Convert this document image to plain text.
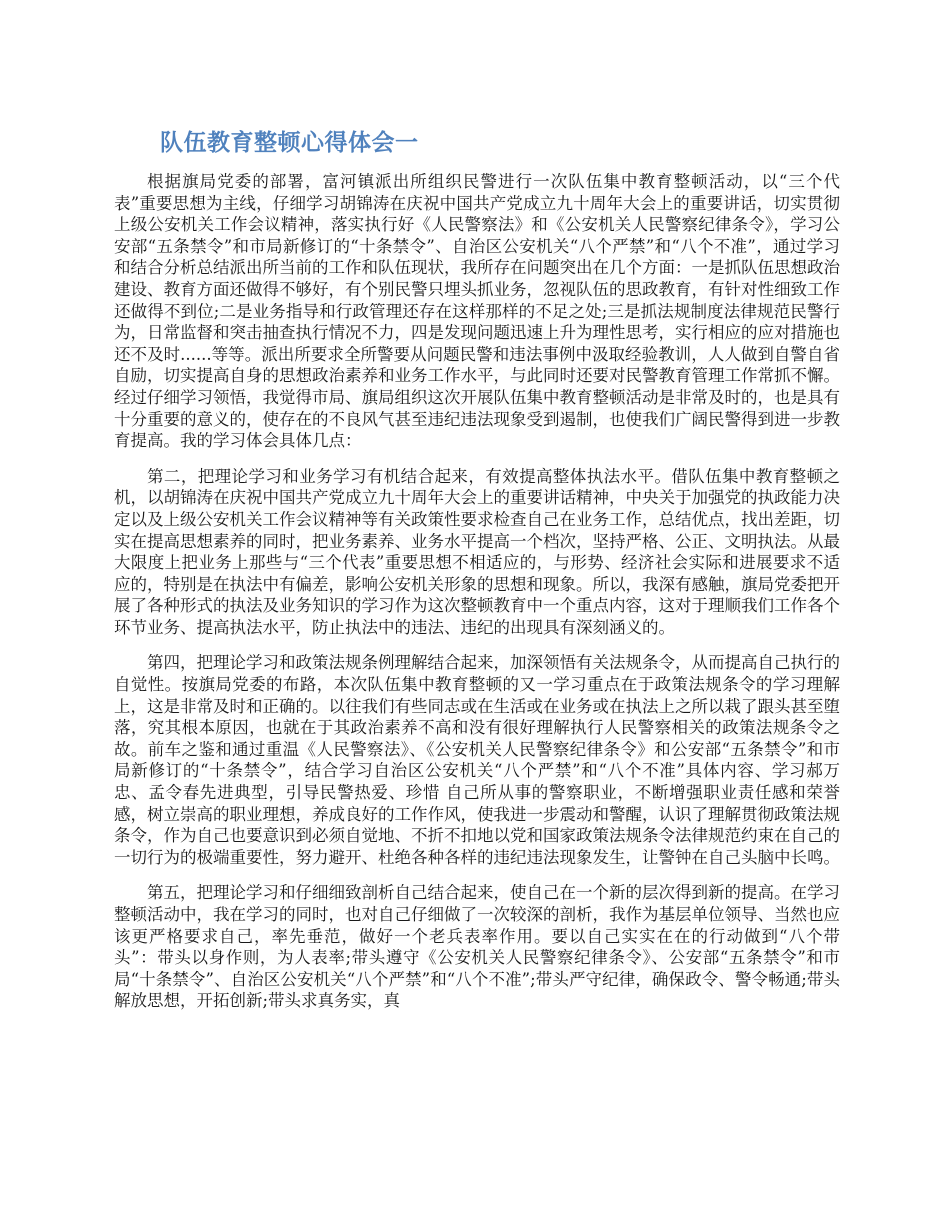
队伍教育整顿心得体会一

根据旗局党委的部署，富河镇派出所组织民警进行一次队伍集中教育整顿活动，以“三个代表”重要思想为主线，仔细学习胡锦涛在庆祝中国共产党成立九十周年大会上的重要讲话，切实贯彻上级公安机关工作会议精神，落实执行好《人民警察法》和《公安机关人民警察纪律条令》，学习公安部“五条禁令”和市局新修订的“十条禁令”、自治区公安机关“八个严禁”和“八个不准”，通过学习和结合分析总结派出所当前的工作和队伍现状，我所存在问题突出在几个方面：一是抓队伍思想政治建设、教育方面还做得不够好，有个别民警只埋头抓业务，忽视队伍的思政教育，有针对性细致工作还做得不到位;二是业务指导和行政管理还存在这样那样的不足之处;三是抓法规制度法律规范民警行为，日常监督和突击抽查执行情况不力，四是发现问题迅速上升为理性思考，实行相应的应对措施也还不及时......等等。派出所要求全所警要从问题民警和违法事例中汲取经验教训，人人做到自警自省自励，切实提高自身的思想政治素养和业务工作水平，与此同时还要对民警教育管理工作常抓不懈。经过仔细学习领悟，我觉得市局、旗局组织这次开展队伍集中教育整顿活动是非常及时的，也是具有十分重要的意义的，使存在的不良风气甚至违纪违法现象受到遏制，也使我们广阔民警得到进一步教育提高。我的学习体会具体几点：

第二，把理论学习和业务学习有机结合起来，有效提高整体执法水平。借队伍集中教育整顿之机，以胡锦涛在庆祝中国共产党成立九十周年大会上的重要讲话精神，中央关于加强党的执政能力决定以及上级公安机关工作会议精神等有关政策性要求检查自己在业务工作，总结优点，找出差距，切实在提高思想素养的同时，把业务素养、业务水平提高一个档次，坚持严格、公正、文明执法。从最大限度上把业务上那些与“三个代表”重要思想不相适应的，与形势、经济社会实际和进展要求不适应的，特别是在执法中有偏差，影响公安机关形象的思想和现象。所以，我深有感触，旗局党委把开展了各种形式的执法及业务知识的学习作为这次整顿教育中一个重点内容，这对于理顺我们工作各个环节业务、提高执法水平，防止执法中的违法、违纪的出现具有深刻涵义的。

第四，把理论学习和政策法规条例理解结合起来，加深领悟有关法规条令，从而提高自己执行的自觉性。按旗局党委的布路，本次队伍集中教育整顿的又一学习重点在于政策法规条令的学习理解上，这是非常及时和正确的。以往我们有些同志或在生活或在业务或在执法上之所以栽了跟头甚至堕落，究其根本原因，也就在于其政治素养不高和没有很好理解执行人民警察相关的政策法规条令之故。前车之鉴和通过重温《人民警察法》、《公安机关人民警察纪律条令》和公安部“五条禁令”和市局新修订的“十条禁令”，结合学习自治区公安机关“八个严禁”和“八个不准”具体内容、学习郝万忠、孟令春先进典型，引导民警热爱、珍惜 自己所从事的警察职业，不断增强职业责任感和荣誉感，树立崇高的职业理想，养成良好的工作作风，使我进一步震动和警醒，认识了理解贯彻政策法规条令，作为自己也要意识到必须自觉地、不折不扣地以党和国家政策法规条令法律规范约束在自己的一切行为的极端重要性，努力避开、杜绝各种各样的违纪违法现象发生，让警钟在自己头脑中长鸣。

第五，把理论学习和仔细细致剖析自己结合起来，使自己在一个新的层次得到新的提高。在学习整顿活动中，我在学习的同时，也对自己仔细做了一次较深的剖析，我作为基层单位领导、当然也应该更严格要求自己，率先垂范，做好一个老兵表率作用。要以自己实实在在的行动做到“八个带头”：带头以身作则，为人表率;带头遵守《公安机关人民警察纪律条令》、公安部“五条禁令”和市局“十条禁令”、自治区公安机关“八个严禁”和“八个不准”;带头严守纪律，确保政令、警令畅通;带头解放思想，开拓创新;带头求真务实，真
